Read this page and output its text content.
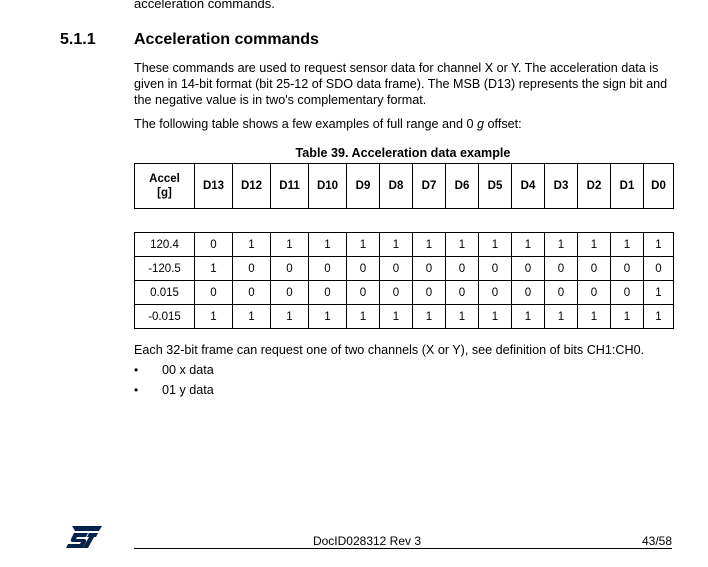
acceleration commands.
5.1.1 Acceleration commands
These commands are used to request sensor data for channel X or Y. The acceleration data is given in 14-bit format (bit 25-12 of SDO data frame). The MSB (D13) represents the sign bit and the negative value is in two's complementary format.
The following table shows a few examples of full range and 0 g offset:
Table 39. Acceleration data example
Accel
[g]	D13	D12	D11	D10	D9	D8	D7	D6	D5	D4	D3	D2	D1	D0

120.4	0	1	1	1	1	1	1	1	1	1	1	1	1	1
-120.5	1	0	0	0	0	0	0	0	0	0	0	0	0	0
0.015	0	0	0	0	0	0	0	0	0	0	0	0	0	1
-0.015	1	1	1	1	1	1	1	1	1	1	1	1	1	1
Each 32-bit frame can request one of two channels (X or Y), see definition of bits CH1:CH0.
• 00 x data
• 01 y data
DocID028312 Rev 3	43/58
